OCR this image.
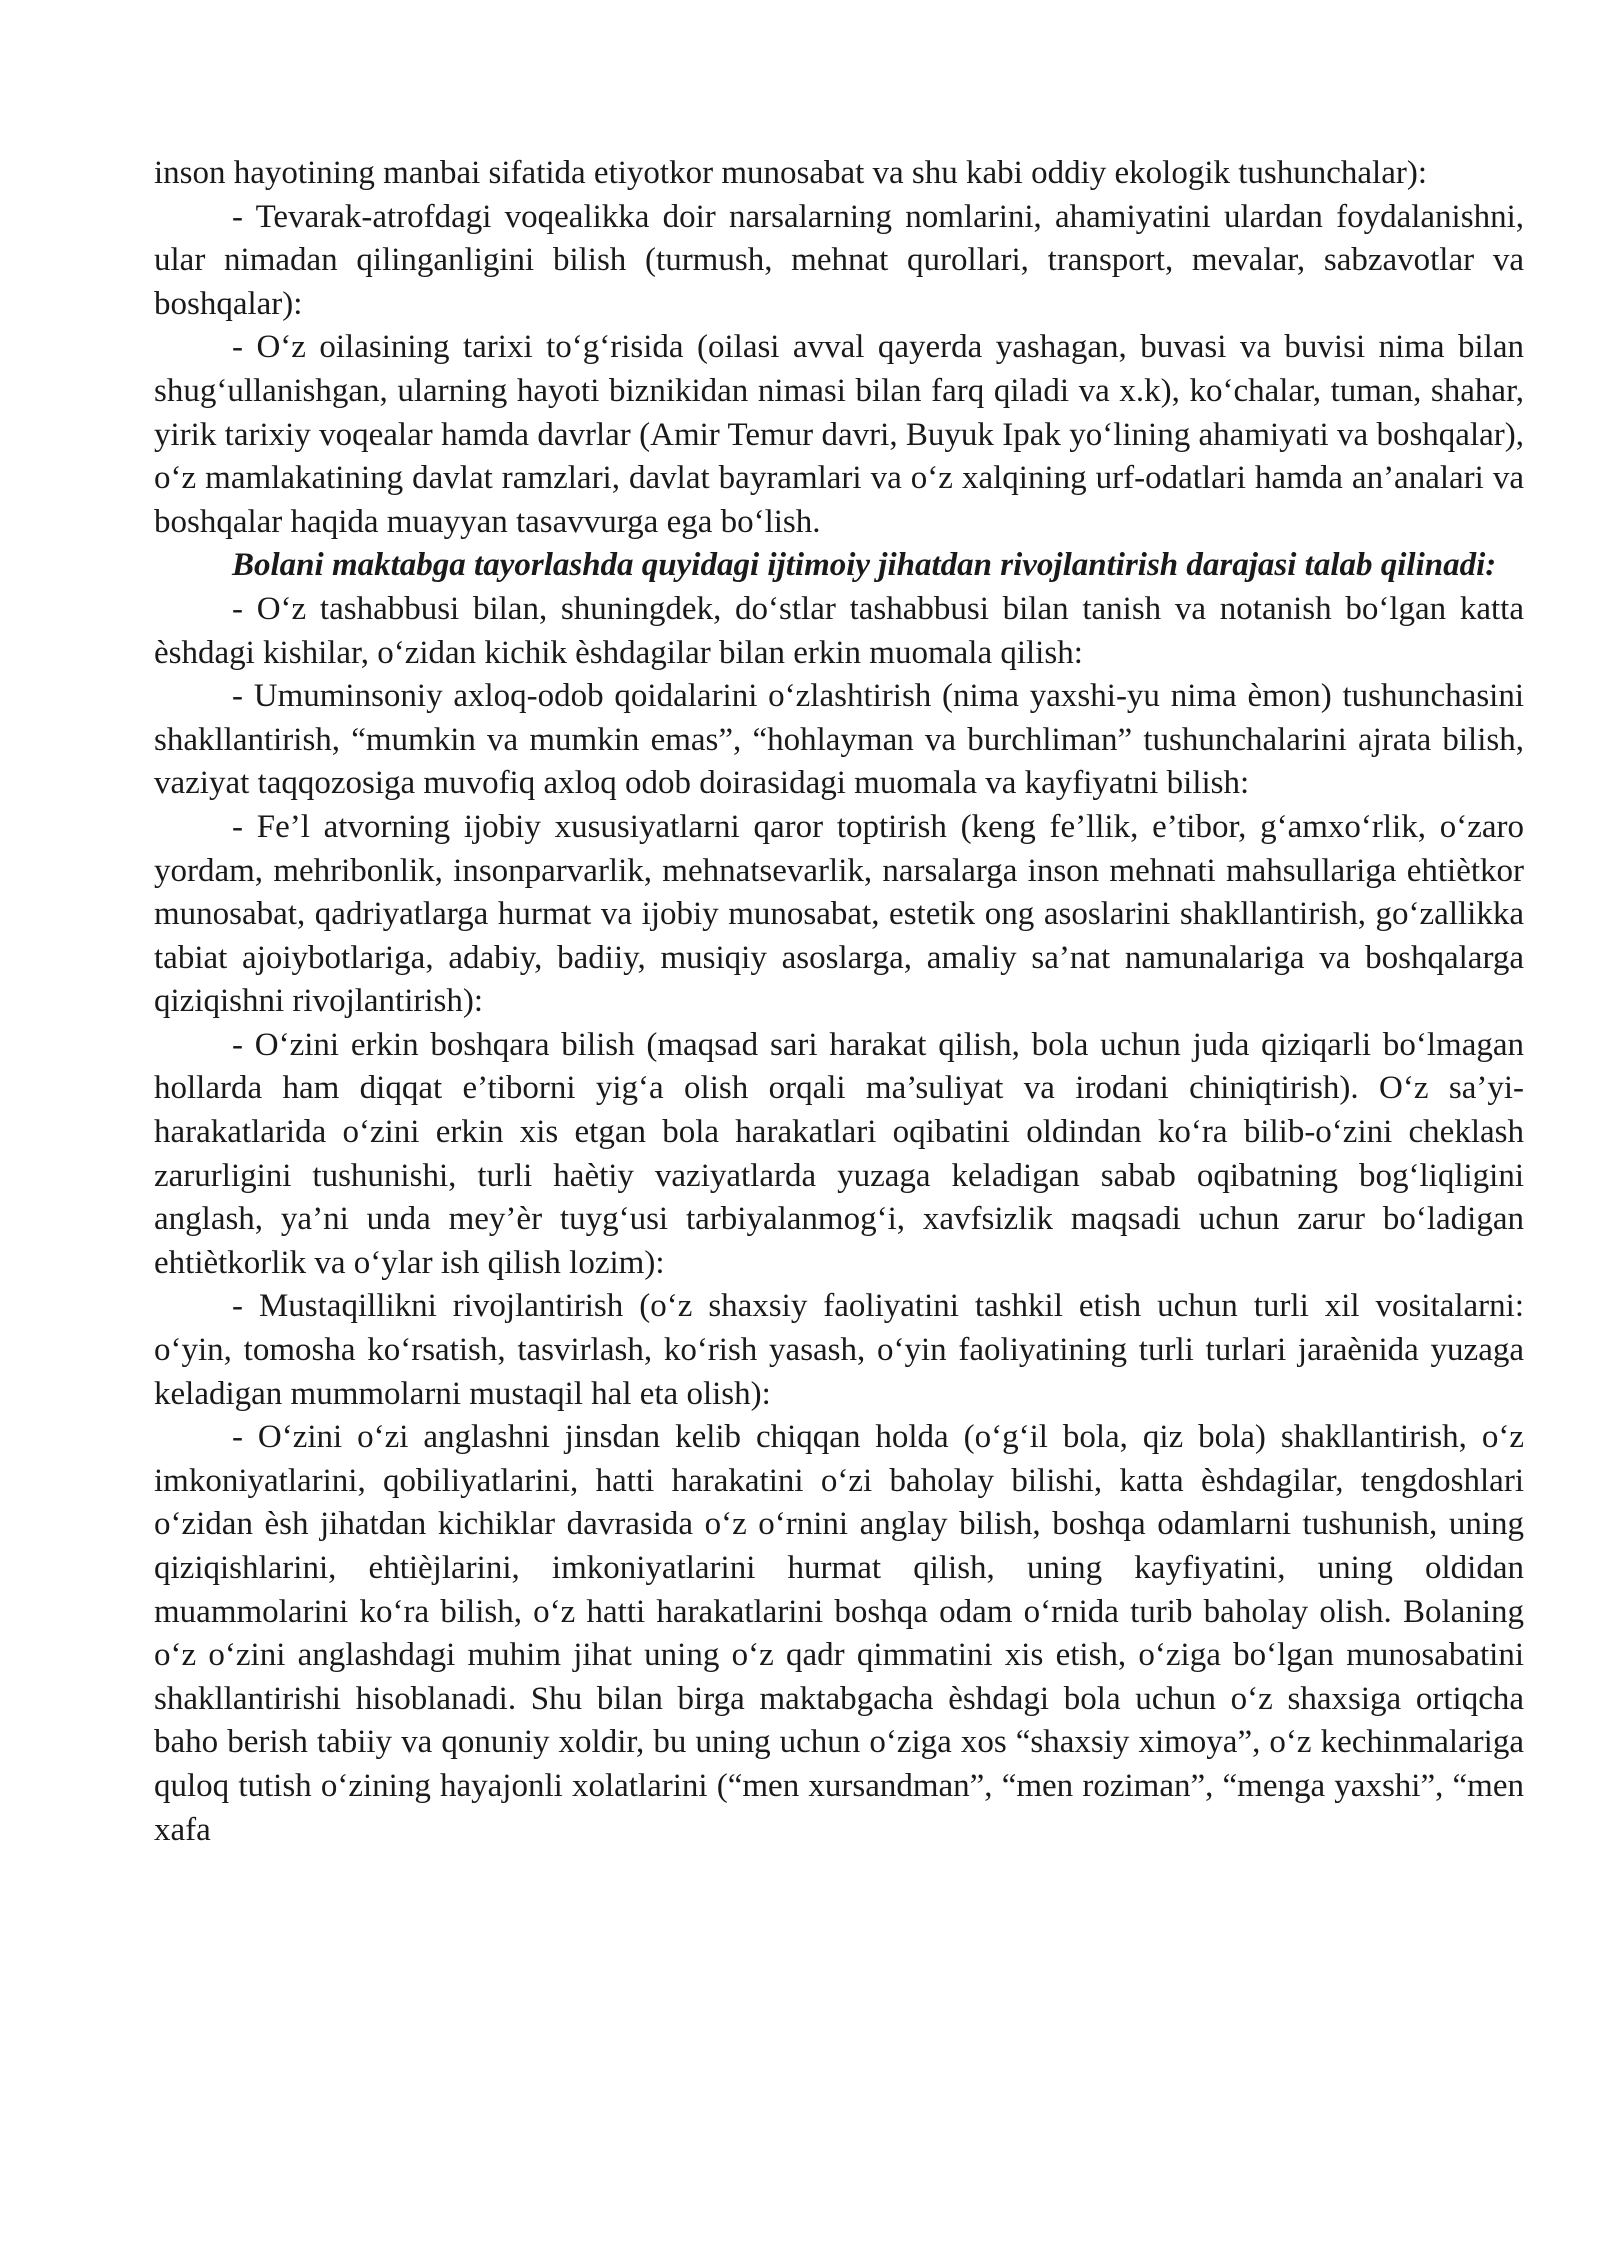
inson hayotining manbai sifatida etiyotkor munosabat va shu kabi oddiy ekologik tushunchalar):

- Tevarak-atrofdagi voqealikka doir narsalarning nomlarini, ahamiyatini ulardan foydalanishni, ular nimadan qilinganligini bilish (turmush, mehnat qurollari, transport, mevalar, sabzavotlar va boshqalar):

- O‘z oilasining tarixi to‘g‘risida (oilasi avval qayerda yashagan, buvasi va buvisi nima bilan shug‘ullanishgan, ularning hayoti biznikidan nimasi bilan farq qiladi va x.k), ko‘chalar, tuman, shahar, yirik tarixiy voqealar hamda davrlar (Amir Temur davri, Buyuk Ipak yo‘lining ahamiyati va boshqalar), o‘z mamlakatining davlat ramzlari, davlat bayramlari va o‘z xalqining urf-odatlari hamda an’analari va boshqalar haqida muayyan tasavvurga ega bo‘lish.

Bolani maktabga tayorlashda quyidagi ijtimoiy jihatdan rivojlantirish darajasi talab qilinadi:

- O‘z tashabbusi bilan, shuningdek, do‘stlar tashabbusi bilan tanish va notanish bo‘lgan katta èshdagi kishilar, o‘zidan kichik èshdagilar bilan erkin muomala qilish:

- Umuminsoniy axloq-odob qoidalarini o‘zlashtirish (nima yaxshi-yu nima èmon) tushunchasini shakllantirish, “mumkin va mumkin emas”, “hohlayman va burchliman” tushunchalarini ajrata bilish, vaziyat taqqozosiga muvofiq axloq odob doirasidagi muomala va kayfiyatni bilish:

- Fe’l atvorning ijobiy xususiyatlarni qaror toptirish (keng fe’llik, e’tibor, g‘amxo‘rlik, o‘zaro yordam, mehribonlik, insonparvarlik, mehnatsevarlik, narsalarga inson mehnati mahsullariga ehtiètkor munosabat, qadriyatlarga hurmat va ijobiy munosabat, estetik ong asoslarini shakllantirish, go‘zallikka tabiat ajoiybotlariga, adabiy, badiiy, musiqiy asoslarga, amaliy sa’nat namunalariga va boshqalarga qiziqishni rivojlantirish):

- O‘zini erkin boshqara bilish (maqsad sari harakat qilish, bola uchun juda qiziqarli bo‘lmagan hollarda ham diqqat e’tiborni yig‘a olish orqali ma’suliyat va irodani chiniqtirish). O‘z sa’yi-harakatlarida o‘zini erkin xis etgan bola harakatlari oqibatini oldindan ko‘ra bilib-o‘zini cheklash zarurligini tushunishi, turli haètiy vaziyatlarda yuzaga keladigan sabab oqibatning bog‘liqligini anglash, ya’ni unda mey’èr tuyg‘usi tarbiyalanmog‘i, xavfsizlik maqsadi uchun zarur bo‘ladigan ehtiètkorlik va o‘ylar ish qilish lozim):

- Mustaqillikni rivojlantirish (o‘z shaxsiy faoliyatini tashkil etish uchun turli xil vositalarni: o‘yin, tomosha ko‘rsatish, tasvirlash, ko‘rish yasash, o‘yin faoliyatining turli turlari jaraènida yuzaga keladigan mummolarni mustaqil hal eta olish):

- O‘zini o‘zi anglashni jinsdan kelib chiqqan holda (o‘g‘il bola, qiz bola) shakllantirish, o‘z imkoniyatlarini, qobiliyatlarini, hatti harakatini o‘zi baholay bilishi, katta èshdagilar, tengdoshlari o‘zidan èsh jihatdan kichiklar davrasida o‘z o‘rnini anglay bilish, boshqa odamlarni tushunish, uning qiziqishlarini, ehtièjlarini, imkoniyatlarini hurmat qilish, uning kayfiyatini, uning oldidan muammolarini ko‘ra bilish, o‘z hatti harakatlarini boshqa odam o‘rnida turib baholay olish. Bolaning o‘z o‘zini anglashdagi muhim jihat uning o‘z qadr qimmatini xis etish, o‘ziga bo‘lgan munosabatini shakllantirishi hisoblanadi. Shu bilan birga maktabgacha èshdagi bola uchun o‘z shaxsiga ortiqcha baho berish tabiiy va qonuniy xoldir, bu uning uchun o‘ziga xos “shaxsiy ximoya”, o‘z kechinmalariga quloq tutish o‘zining hayajonli xolatlarini (“men xursandman”, “men roziman”, “menga yaxshi”, “men xafa
